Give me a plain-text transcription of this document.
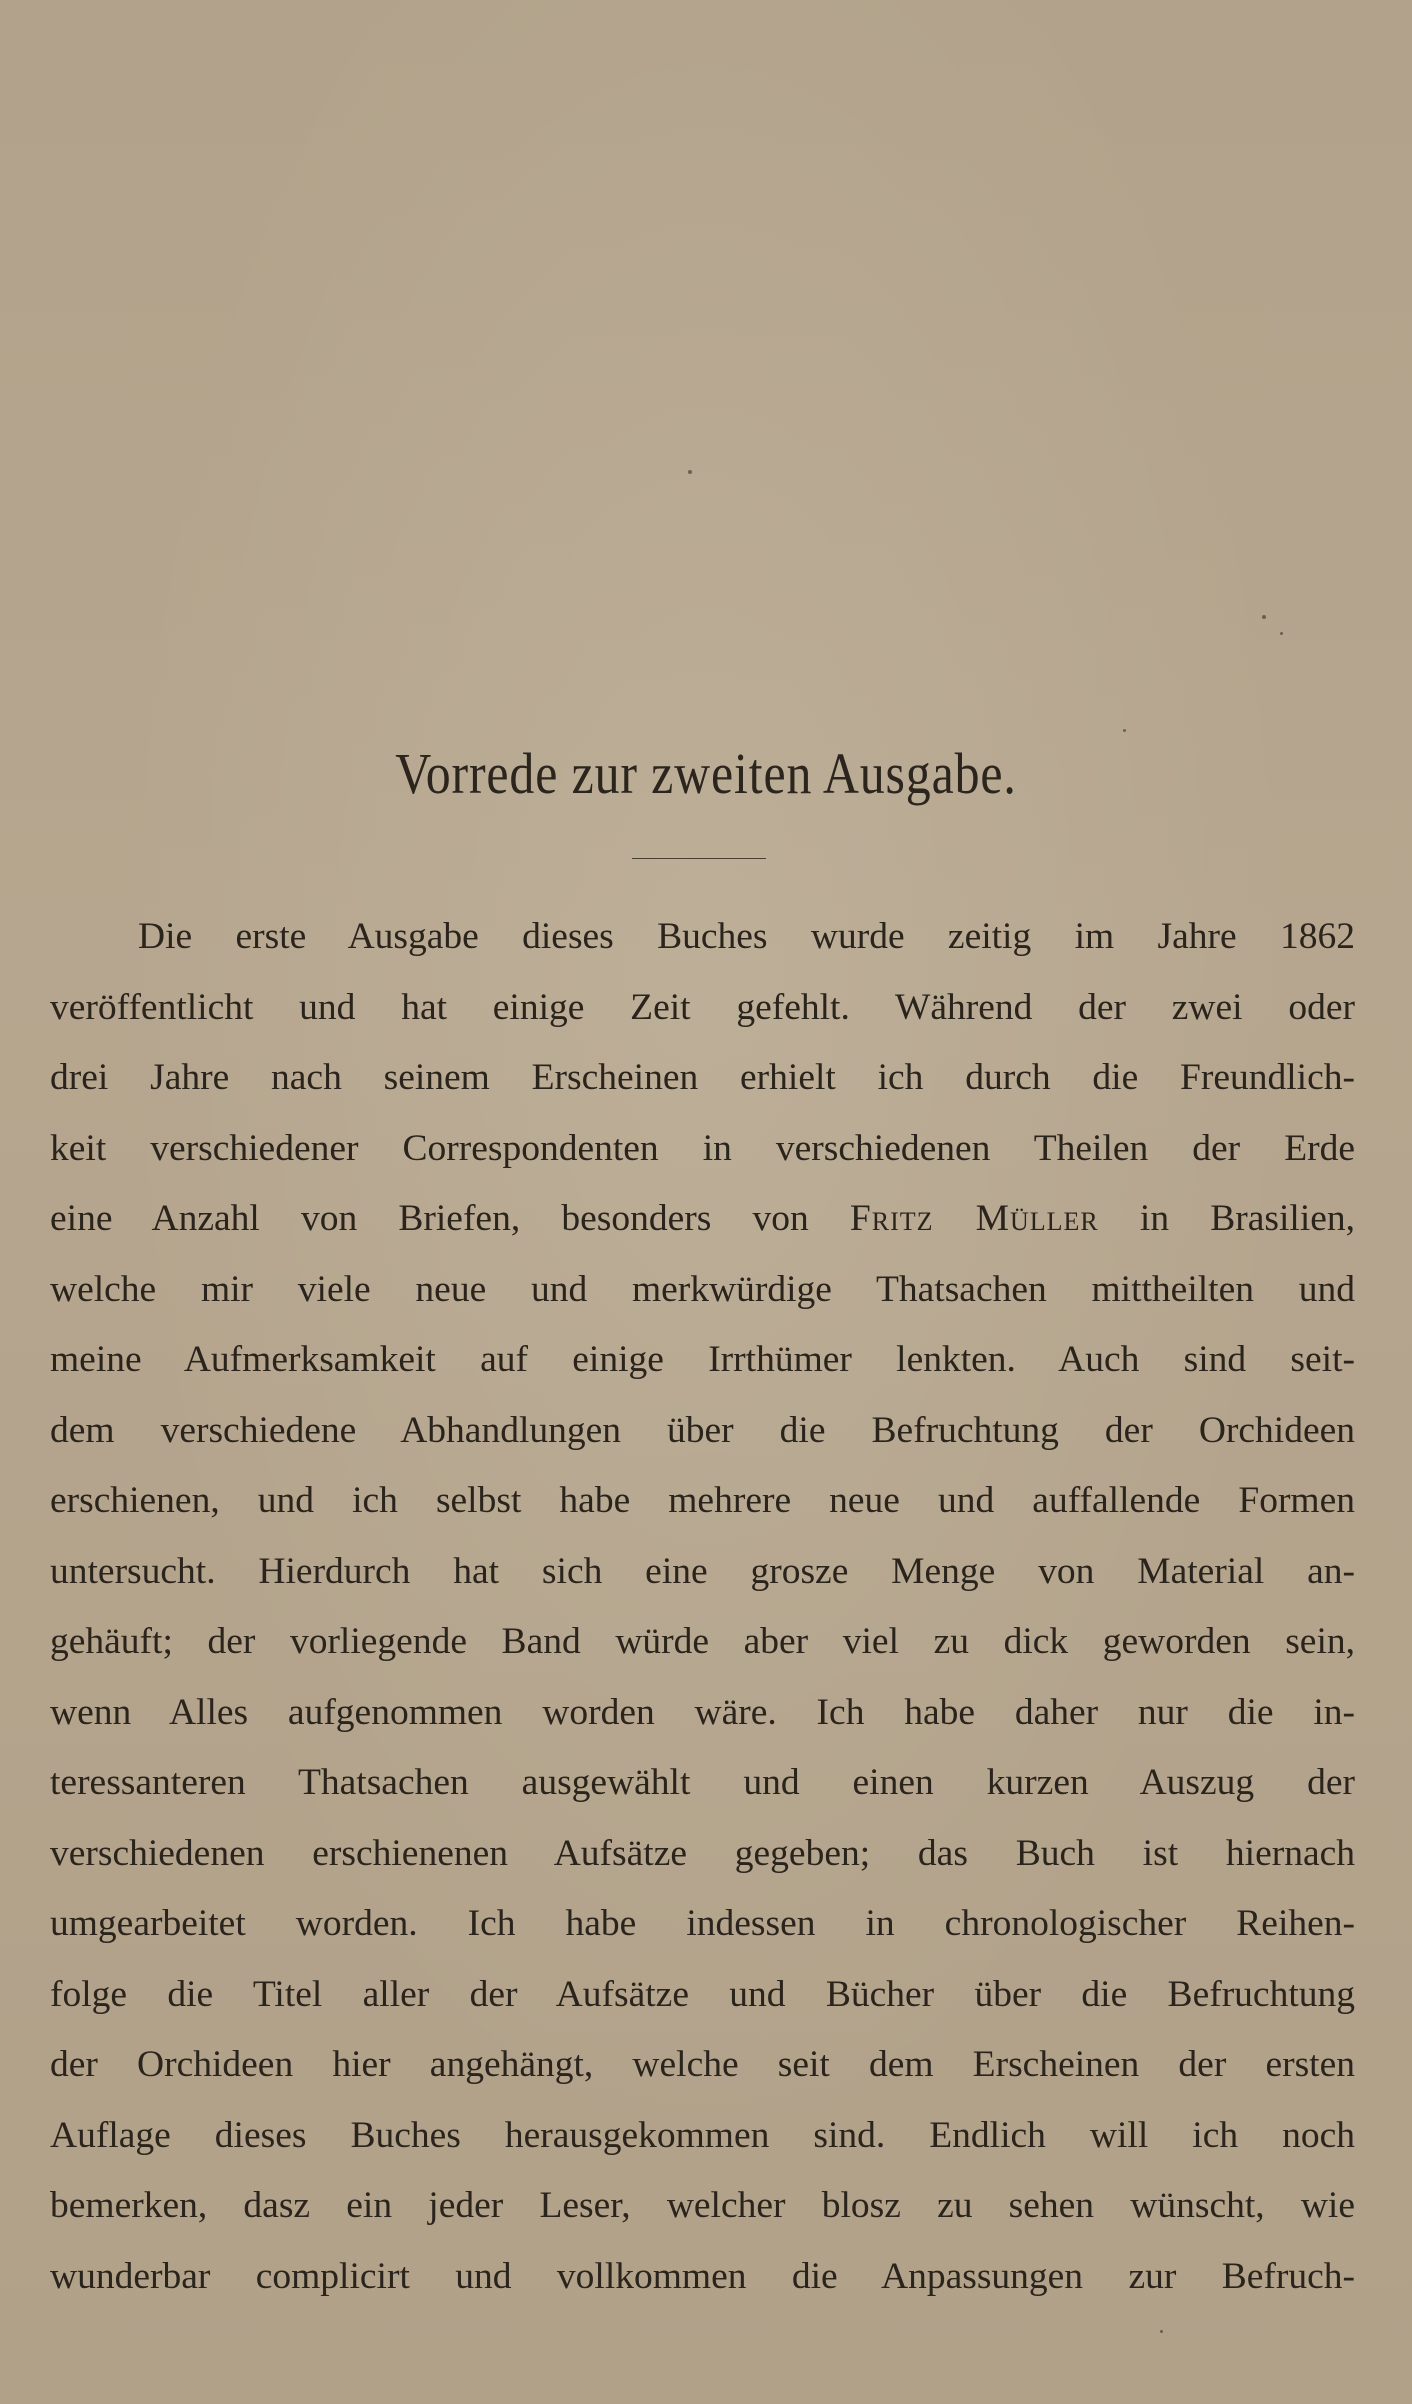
Vorrede zur zweiten Ausgabe.
Die erste Ausgabe dieses Buches wurde zeitig im Jahre 1862
veröffentlicht und hat einige Zeit gefehlt. Während der zwei oder
drei Jahre nach seinem Erscheinen erhielt ich durch die Freundlich-
keit verschiedener Correspondenten in verschiedenen Theilen der Erde
eine Anzahl von Briefen, besonders von Fritz Müller in Brasilien,
welche mir viele neue und merkwürdige Thatsachen mittheilten und
meine Aufmerksamkeit auf einige Irrthümer lenkten. Auch sind seit-
dem verschiedene Abhandlungen über die Befruchtung der Orchideen
erschienen, und ich selbst habe mehrere neue und auffallende Formen
untersucht. Hierdurch hat sich eine grosze Menge von Material an-
gehäuft; der vorliegende Band würde aber viel zu dick geworden sein,
wenn Alles aufgenommen worden wäre. Ich habe daher nur die in-
teressanteren Thatsachen ausgewählt und einen kurzen Auszug der
verschiedenen erschienenen Aufsätze gegeben; das Buch ist hiernach
umgearbeitet worden. Ich habe indessen in chronologischer Reihen-
folge die Titel aller der Aufsätze und Bücher über die Befruchtung
der Orchideen hier angehängt, welche seit dem Erscheinen der ersten
Auflage dieses Buches herausgekommen sind. Endlich will ich noch
bemerken, dasz ein jeder Leser, welcher blosz zu sehen wünscht, wie
wunderbar complicirt und vollkommen die Anpassungen zur Befruch-
